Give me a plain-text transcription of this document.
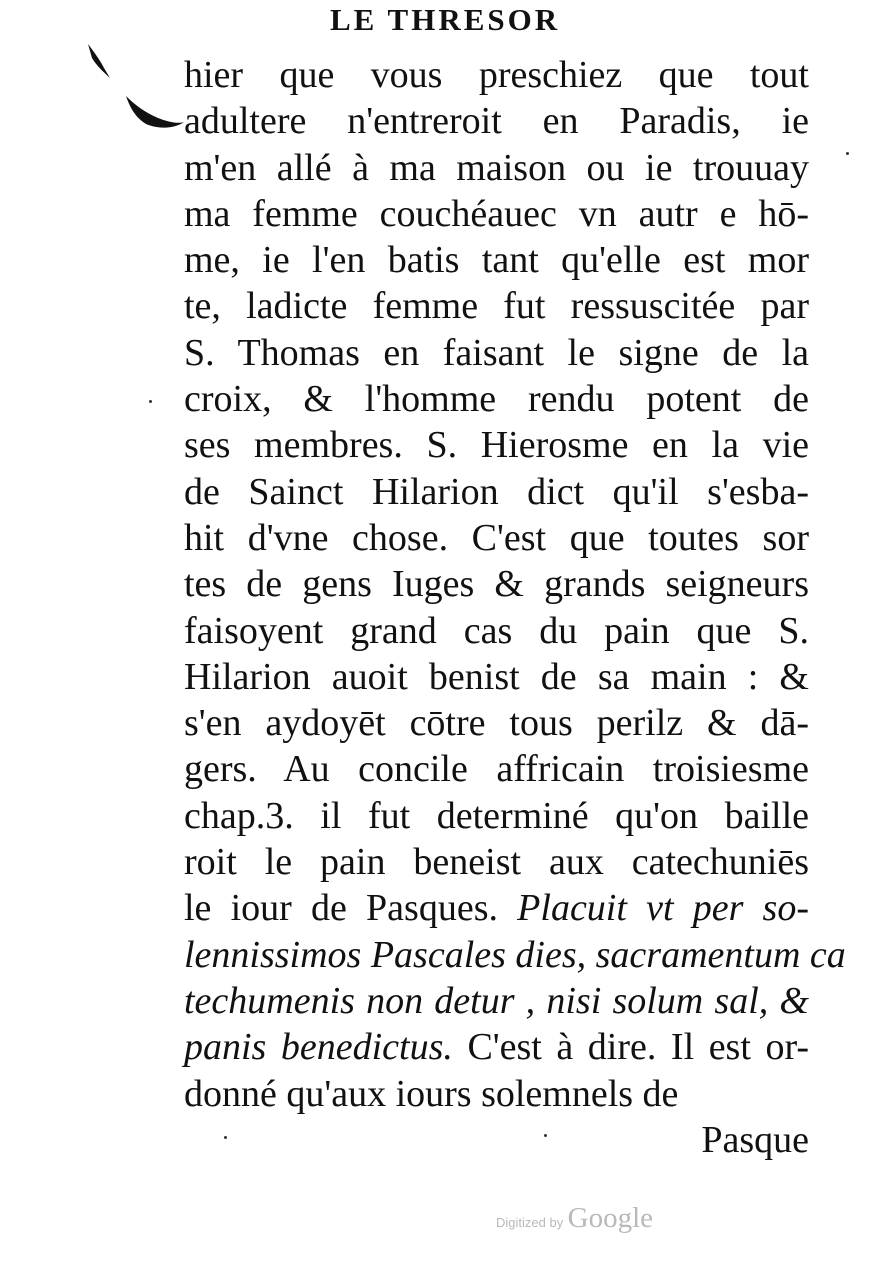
LE THRESOR
hier que vous preschiez que tout
adultere n'entreroit en Paradis, ie
m'en allé à ma maison ou ie trouuay
ma femme couchéauec vn autr e hō-
me, ie l'en batis tant qu'elle est mor
te, ladicte femme fut ressuscitée par
S. Thomas en faisant le signe de la
croix, & l'homme rendu potent de
ses membres. S. Hierosme en la vie
de Sainct Hilarion dict qu'il s'esba-
hit d'vne chose. C'est que toutes sor
tes de gens Iuges & grands seigneurs
faisoyent grand cas du pain que S.
Hilarion auoit benist de sa main : &
s'en aydoyēt cōtre tous perilz & dā-
gers. Au concile affricain troisiesme
chap.3. il fut determiné qu'on baille
roit le pain beneist aux catechuniēs
le iour de Pasques. Placuit vt per so-
lennissimos Pascales dies, sacramentum ca
techumenis non detur , nisi solum sal, &
panis benedictus. C'est à dire. Il est or-
donné qu'aux iours solemnels de
Pasque
Digitized by Google
